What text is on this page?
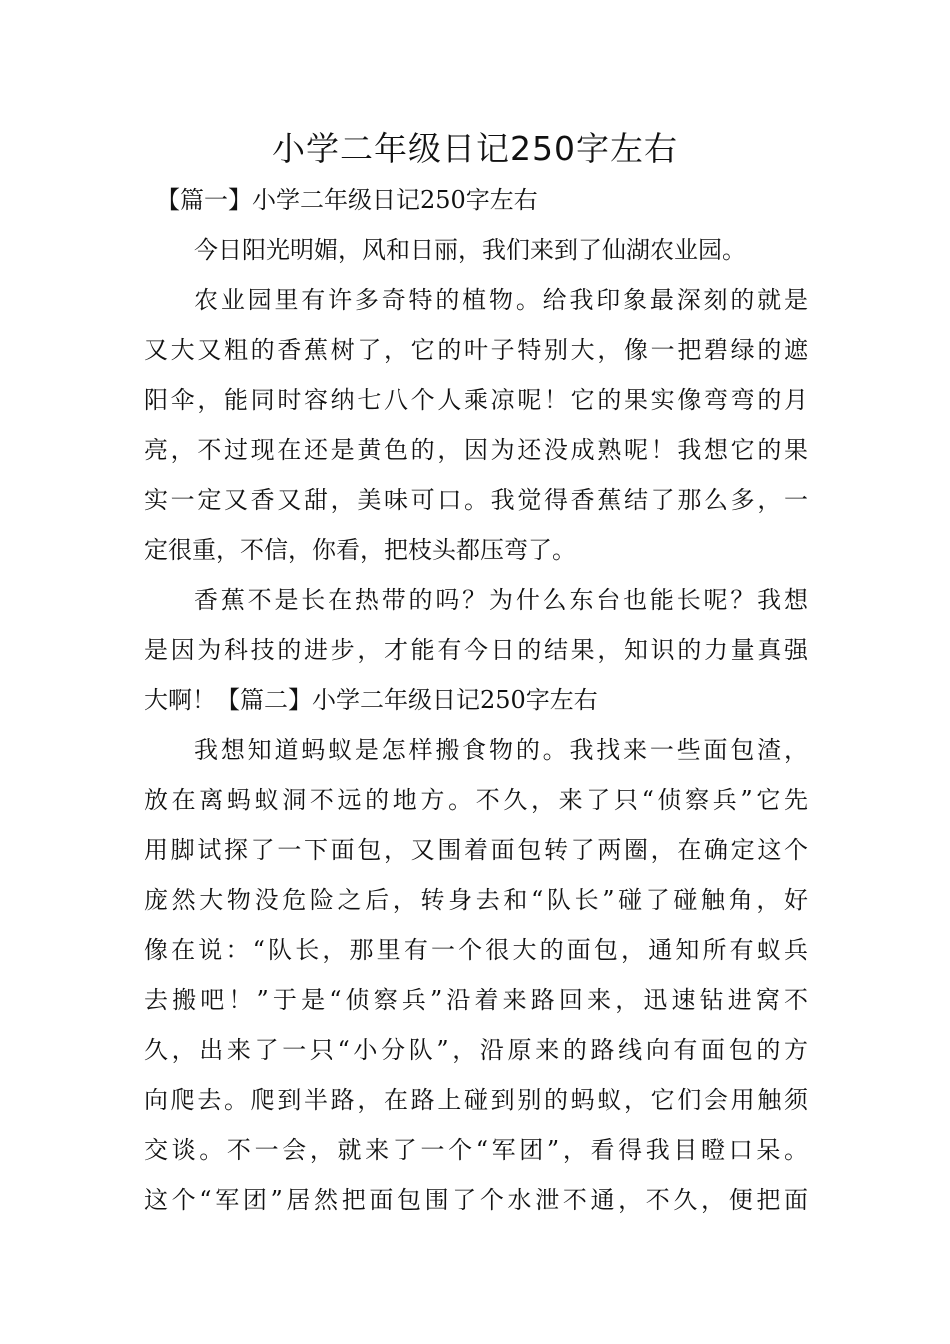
小学二年级日记250字左右
【篇一】小学二年级日记250字左右
今日阳光明媚，风和日丽，我们来到了仙湖农业园。
农业园里有许多奇特的植物。给我印象最深刻的就是
又大又粗的香蕉树了，它的叶子特别大，像一把碧绿的遮
阳伞，能同时容纳七八个人乘凉呢！它的果实像弯弯的月
亮，不过现在还是黄色的，因为还没成熟呢！我想它的果
实一定又香又甜，美味可口。我觉得香蕉结了那么多，一
定很重，不信，你看，把枝头都压弯了。
香蕉不是长在热带的吗？为什么东台也能长呢？我想
是因为科技的进步，才能有今日的结果，知识的力量真强
大啊！【篇二】小学二年级日记250字左右
我想知道蚂蚁是怎样搬食物的。我找来一些面包渣，
放在离蚂蚁洞不远的地方。不久，来了只“侦察兵”它先
用脚试探了一下面包，又围着面包转了两圈，在确定这个
庞然大物没危险之后，转身去和“队长”碰了碰触角，好
像在说：“队长，那里有一个很大的面包，通知所有蚁兵
去搬吧！”于是“侦察兵”沿着来路回来，迅速钻进窝不
久，出来了一只“小分队”，沿原来的路线向有面包的方
向爬去。爬到半路，在路上碰到别的蚂蚁，它们会用触须
交谈。不一会，就来了一个“军团”，看得我目瞪口呆。
这个“军团”居然把面包围了个水泄不通，不久，便把面
